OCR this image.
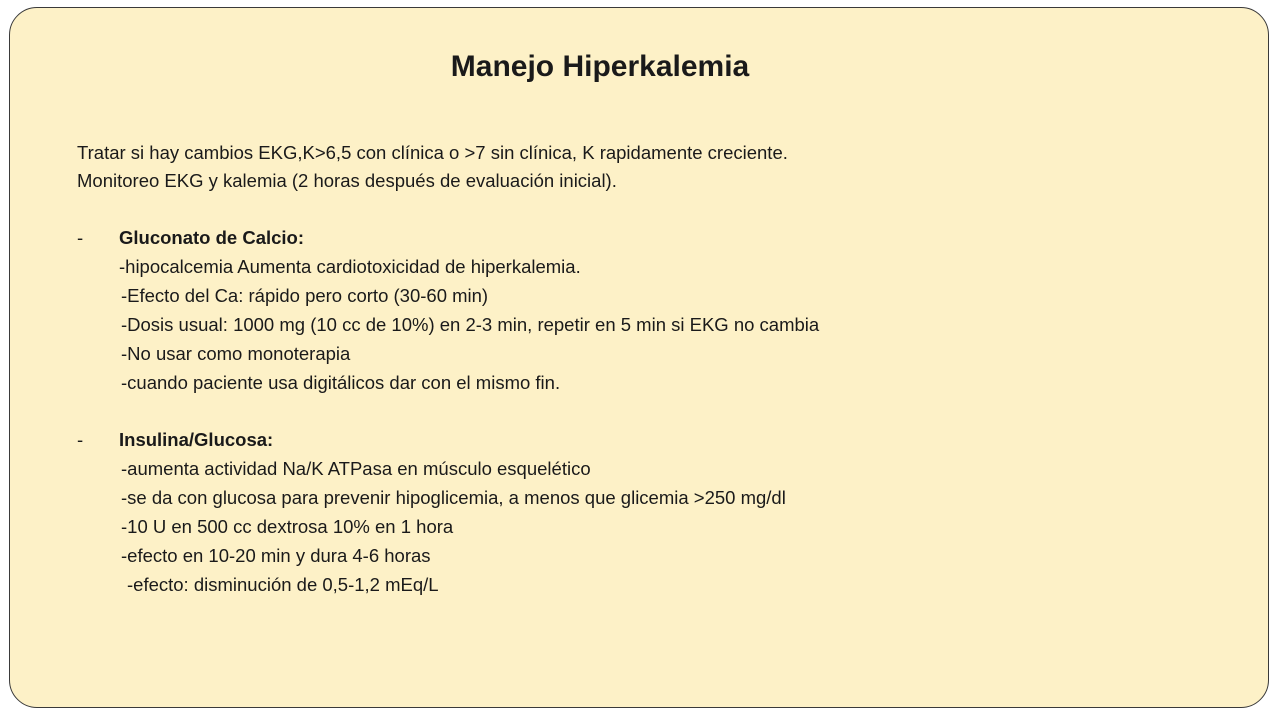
Manejo Hiperkalemia
Tratar si hay cambios EKG,K>6,5 con clínica o >7 sin clínica, K rapidamente creciente.
Monitoreo EKG y kalemia (2 horas después de evaluación inicial).
-	Gluconato de Calcio:
-hipocalcemia Aumenta cardiotoxicidad de hiperkalemia.
-Efecto del Ca: rápido pero corto (30-60 min)
-Dosis usual: 1000 mg (10 cc de 10%) en 2-3 min, repetir en 5 min si EKG no cambia
-No usar como monoterapia
-cuando paciente usa digitálicos dar con el mismo fin.
-	Insulina/Glucosa:
-aumenta actividad Na/K ATPasa en músculo esquelético
-se da con glucosa para prevenir hipoglicemia, a menos que glicemia >250 mg/dl
-10 U en 500 cc dextrosa 10% en 1 hora
-efecto en 10-20 min y dura 4-6 horas
-efecto: disminución de 0,5-1,2 mEq/L
